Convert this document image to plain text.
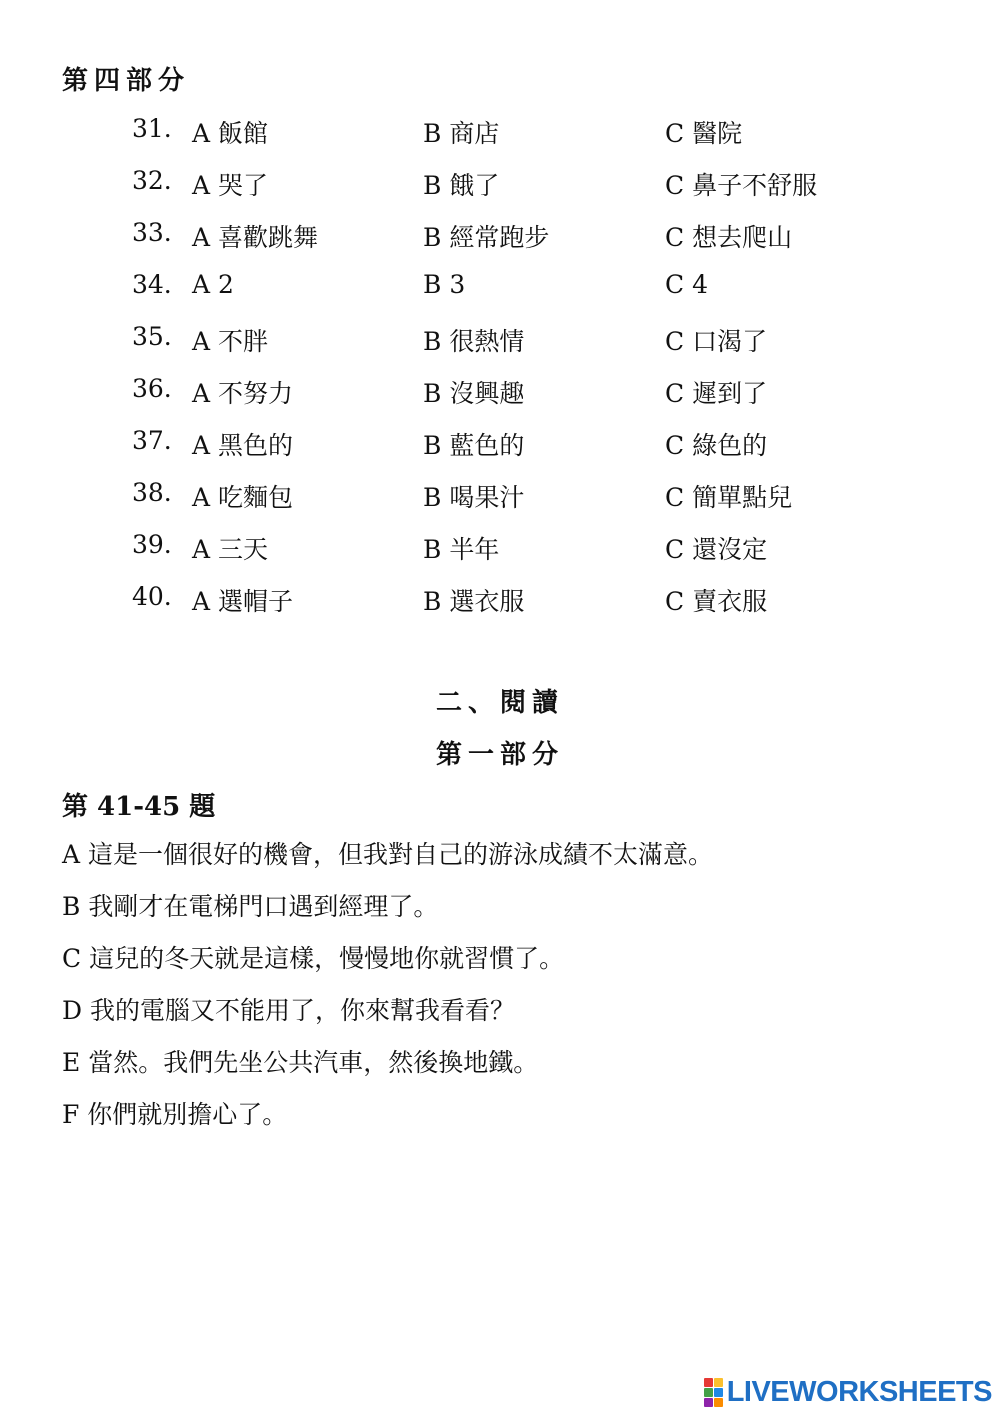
第四部分
31. A 飯館	B 商店	C 醫院
32. A 哭了	B 餓了	C 鼻子不舒服
33. A 喜歡跳舞	B 經常跑步	C 想去爬山
34. A 2	B 3	C 4
35. A 不胖	B 很熱情	C 口渴了
36. A 不努力	B 沒興趣	C 遲到了
37. A 黑色的	B 藍色的	C 綠色的
38. A 吃麵包	B 喝果汁	C 簡單點兒
39. A 三天	B 半年	C 還沒定
40. A 選帽子	B 選衣服	C 賣衣服
二、閱讀
第一部分
第 41-45 題
A 這是一個很好的機會，但我對自己的游泳成績不太滿意。
B 我剛才在電梯門口遇到經理了。
C 這兒的冬天就是這樣，慢慢地你就習慣了。
D 我的電腦又不能用了，你來幫我看看？
E 當然。我們先坐公共汽車，然後換地鐵。
F 你們就別擔心了。
LIVEWORKSHEETS
